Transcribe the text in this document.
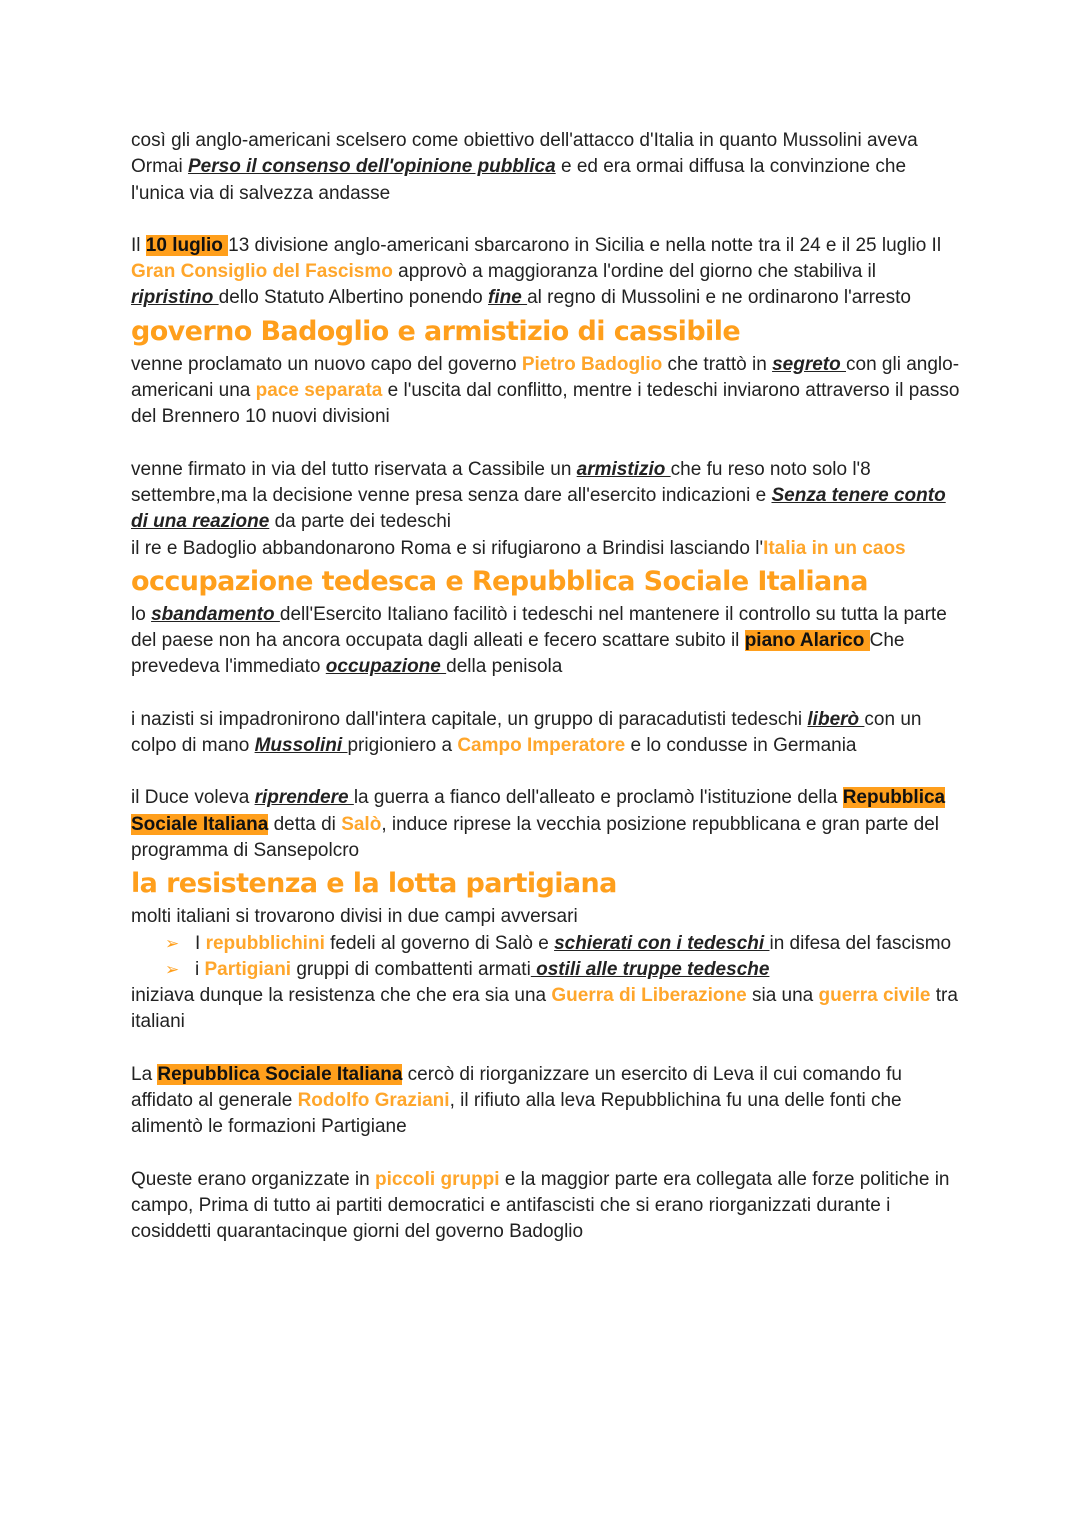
così gli anglo-americani scelsero come obiettivo dell'attacco d'Italia in quanto Mussolini aveva Ormai Perso il consenso dell'opinione pubblica e ed era ormai diffusa la convinzione che l'unica via di salvezza andasse

Il 10 luglio 13 divisione anglo-americani sbarcarono in Sicilia e nella notte tra il 24 e il 25 luglio Il Gran Consiglio del Fascismo approvò a maggioranza l'ordine del giorno che stabiliva il ripristino dello Statuto Albertino ponendo fine al regno di Mussolini e ne ordinarono l'arresto

governo Badoglio e armistizio di cassibile

venne proclamato un nuovo capo del governo Pietro Badoglio che trattò in segreto con gli anglo-americani una pace separata e l'uscita dal conflitto, mentre i tedeschi inviarono attraverso il passo del Brennero 10 nuovi divisioni

venne firmato in via del tutto riservata a Cassibile un armistizio che fu reso noto solo l'8 settembre,ma la decisione venne presa senza dare all'esercito indicazioni e Senza tenere conto di una reazione da parte dei tedeschi
il re e Badoglio abbandonarono Roma e si rifugiarono a Brindisi lasciando l'Italia in un caos

occupazione tedesca e Repubblica Sociale Italiana

lo sbandamento dell'Esercito Italiano facilitò i tedeschi nel mantenere il controllo su tutta la parte del paese non ha ancora occupata dagli alleati e fecero scattare subito il piano Alarico Che prevedeva l'immediato occupazione della penisola

i nazisti si impadronirono dall'intera capitale, un gruppo di paracadutisti tedeschi liberò con un colpo di mano Mussolini prigioniero a Campo Imperatore e lo condusse in Germania

il Duce voleva riprendere la guerra a fianco dell'alleato e proclamò l'istituzione della Repubblica Sociale Italiana detta di Salò, induce riprese la vecchia posizione repubblicana e gran parte del programma di Sansepolcro

la resistenza e la lotta partigiana

molti italiani si trovarono divisi in due campi avversari

➢ I repubblichini fedeli al governo di Salò e schierati con i tedeschi in difesa del fascismo
➢ i Partigiani gruppi di combattenti armati ostili alle truppe tedesche

iniziava dunque la resistenza che che era sia una Guerra di Liberazione sia una guerra civile tra italiani

La Repubblica Sociale Italiana cercò di riorganizzare un esercito di Leva il cui comando fu affidato al generale Rodolfo Graziani, il rifiuto alla leva Repubblichina fu una delle fonti che alimentò le formazioni Partigiane

Queste erano organizzate in piccoli gruppi e la maggior parte era collegata alle forze politiche in campo, Prima di tutto ai partiti democratici e antifascisti che si erano riorganizzati durante i cosiddetti quarantacinque giorni del governo Badoglio
